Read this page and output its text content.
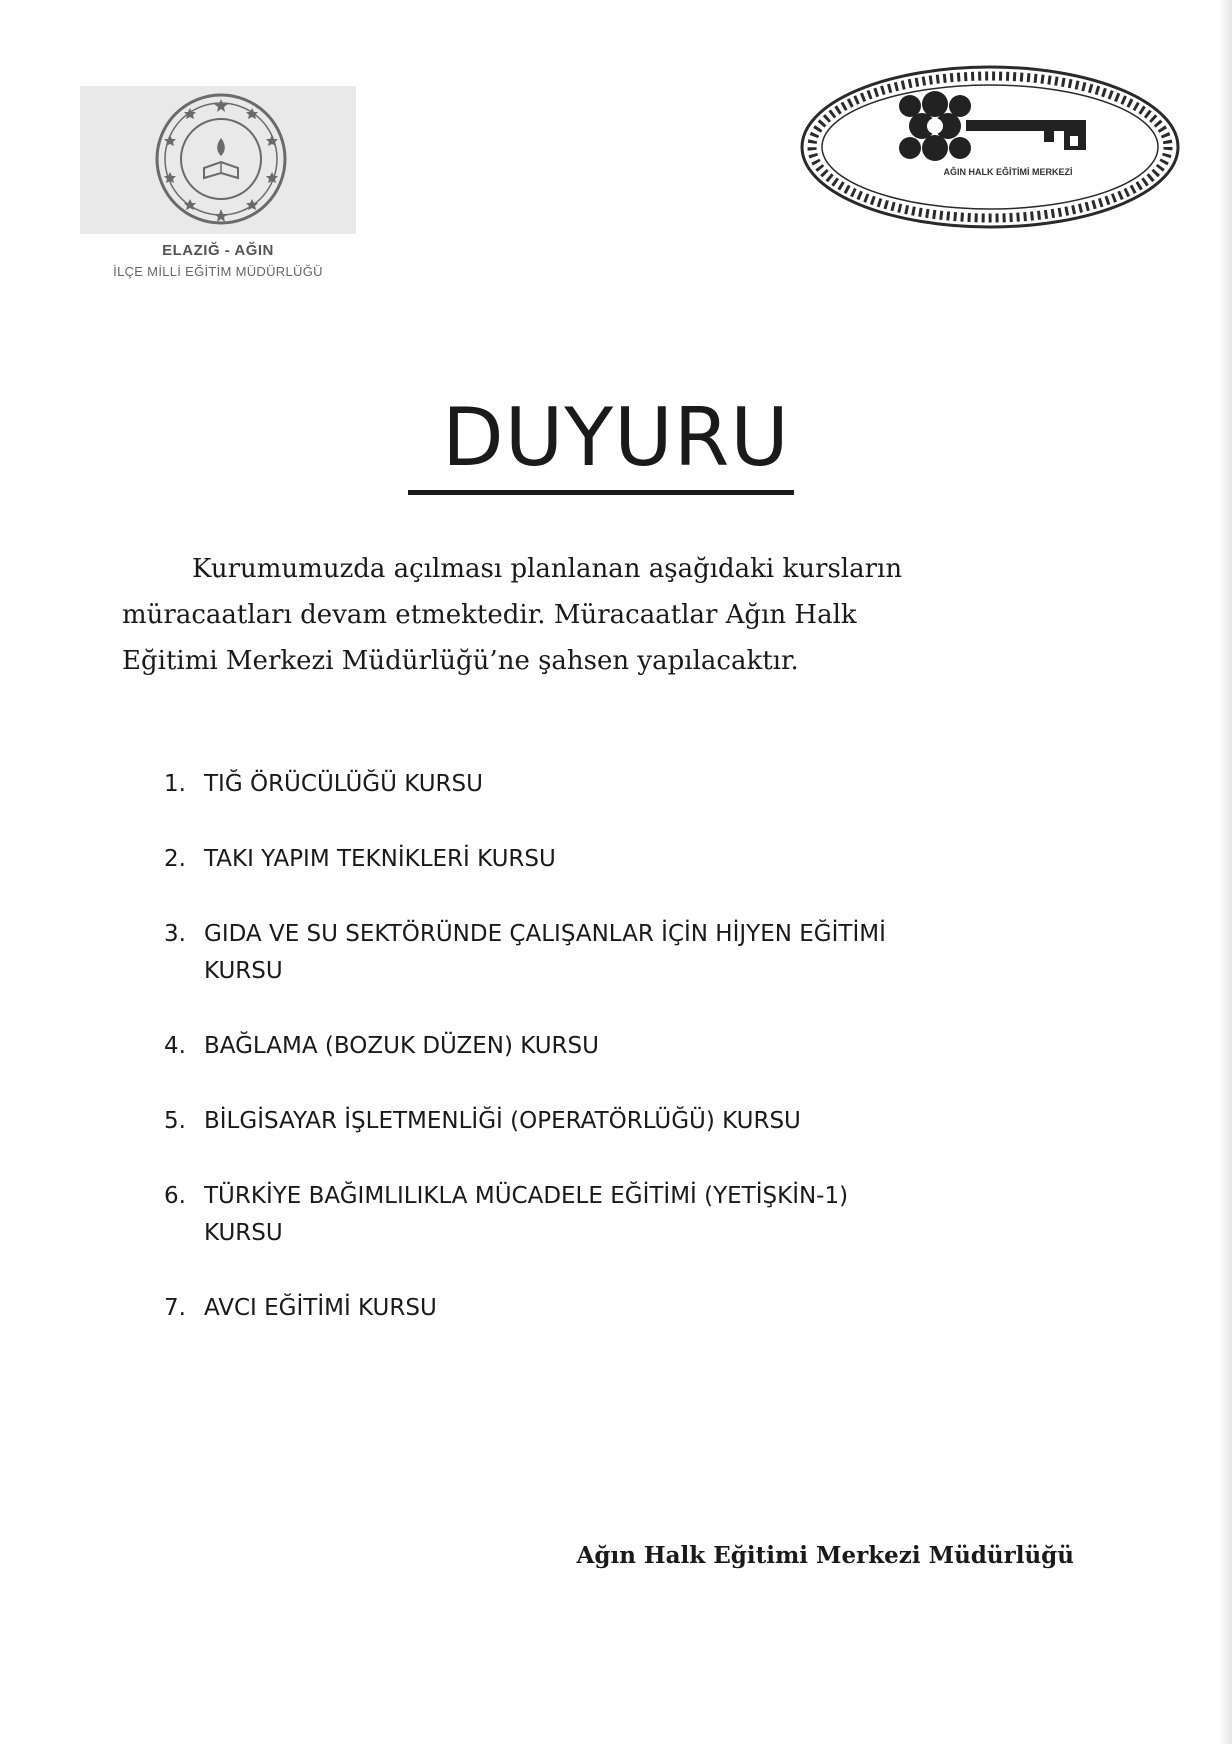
ELAZIĞ - AĞIN
İLÇE MİLLİ EĞİTİM MÜDÜRLÜĞÜ
AĞIN HALK EĞİTİMİ MERKEZİ
DUYURU
Kurumumuzda açılması planlanan aşağıdaki kursların
müracaatları devam etmektedir. Müracaatlar Ağın Halk
Eğitimi Merkezi Müdürlüğü’ne şahsen yapılacaktır.
1. TIĞ ÖRÜCÜLÜĞÜ KURSU
2. TAKI YAPIM TEKNİKLERİ KURSU
3. GIDA VE SU SEKTÖRÜNDE ÇALIŞANLAR İÇİN HİJYEN EĞİTİMİ
KURSU
4. BAĞLAMA (BOZUK DÜZEN) KURSU
5. BİLGİSAYAR İŞLETMENLİĞİ (OPERATÖRLÜĞÜ) KURSU
6. TÜRKİYE BAĞIMLILIKLA MÜCADELE EĞİTİMİ (YETİŞKİN-1)
KURSU
7. AVCI EĞİTİMİ KURSU
Ağın Halk Eğitimi Merkezi Müdürlüğü
